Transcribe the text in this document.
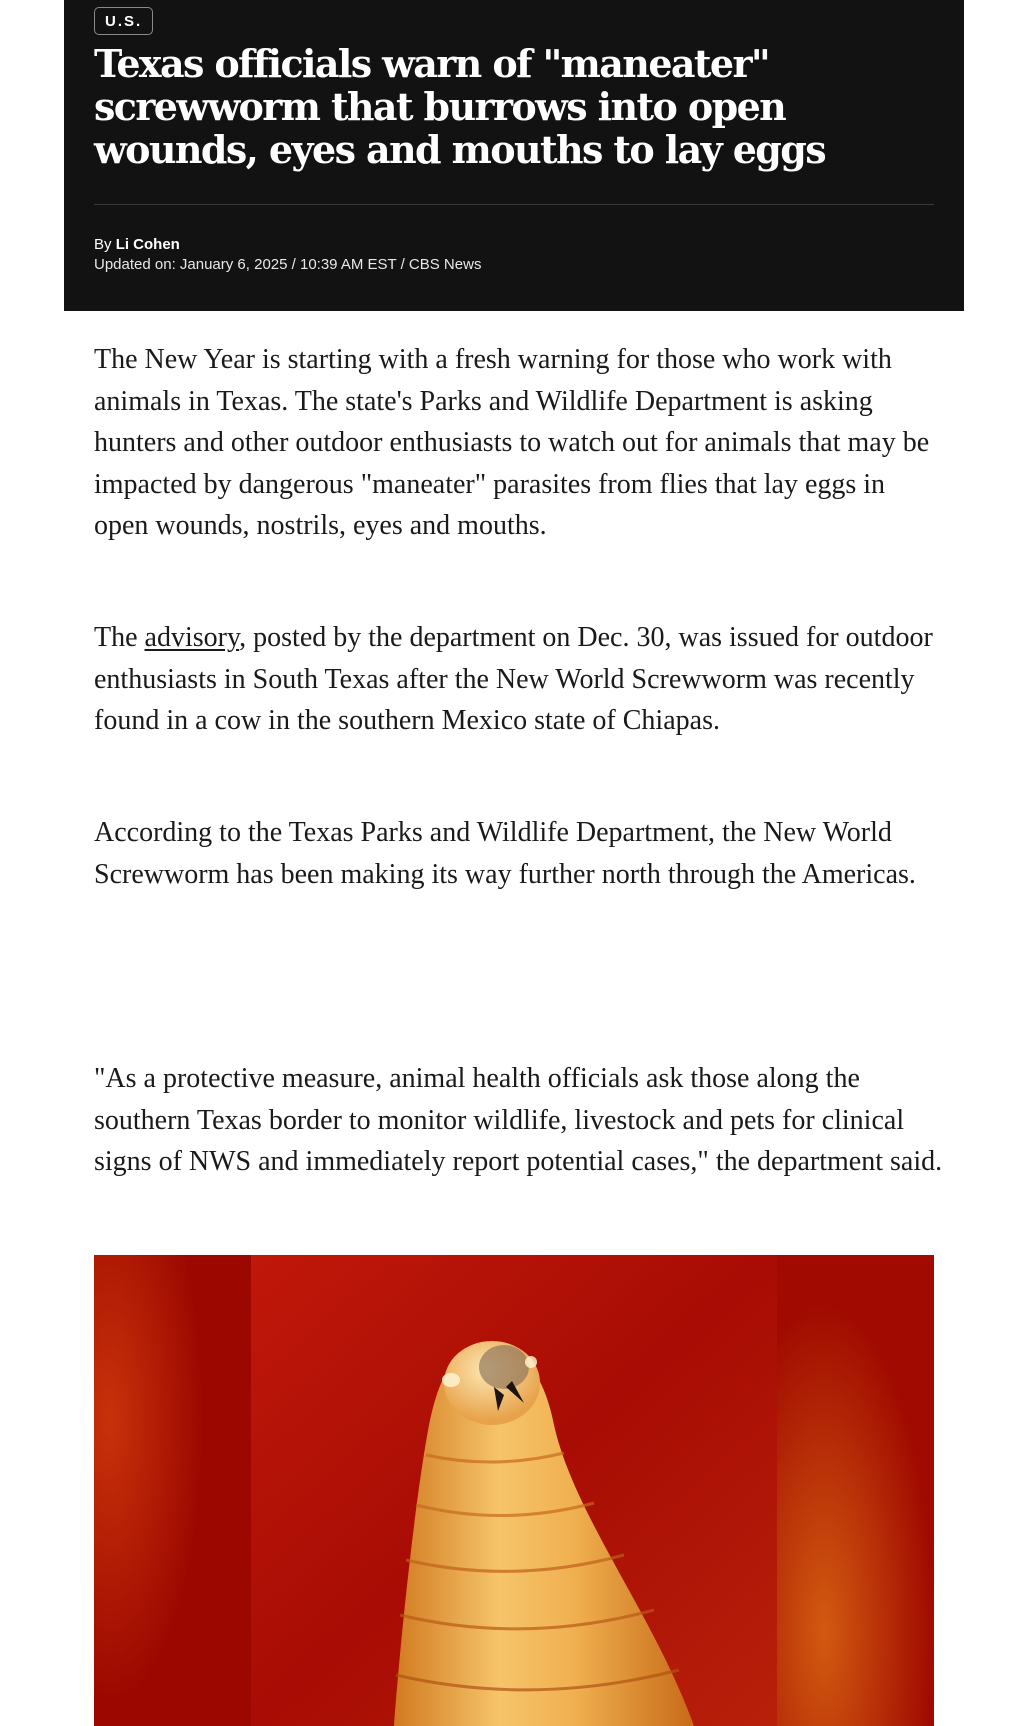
U.S.
Texas officials warn of "maneater" screwworm that burrows into open wounds, eyes and mouths to lay eggs
By Li Cohen
Updated on: January 6, 2025 / 10:39 AM EST / CBS News

The New Year is starting with a fresh warning for those who work with animals in Texas. The state's Parks and Wildlife Department is asking hunters and other outdoor enthusiasts to watch out for animals that may be impacted by dangerous "maneater" parasites from flies that lay eggs in open wounds, nostrils, eyes and mouths.

The advisory, posted by the department on Dec. 30, was issued for outdoor enthusiasts in South Texas after the New World Screwworm was recently found in a cow in the southern Mexico state of Chiapas.

According to the Texas Parks and Wildlife Department, the New World Screwworm has been making its way further north through the Americas.

"As a protective measure, animal health officials ask those along the southern Texas border to monitor wildlife, livestock and pets for clinical signs of NWS and immediately report potential cases," the department said.
